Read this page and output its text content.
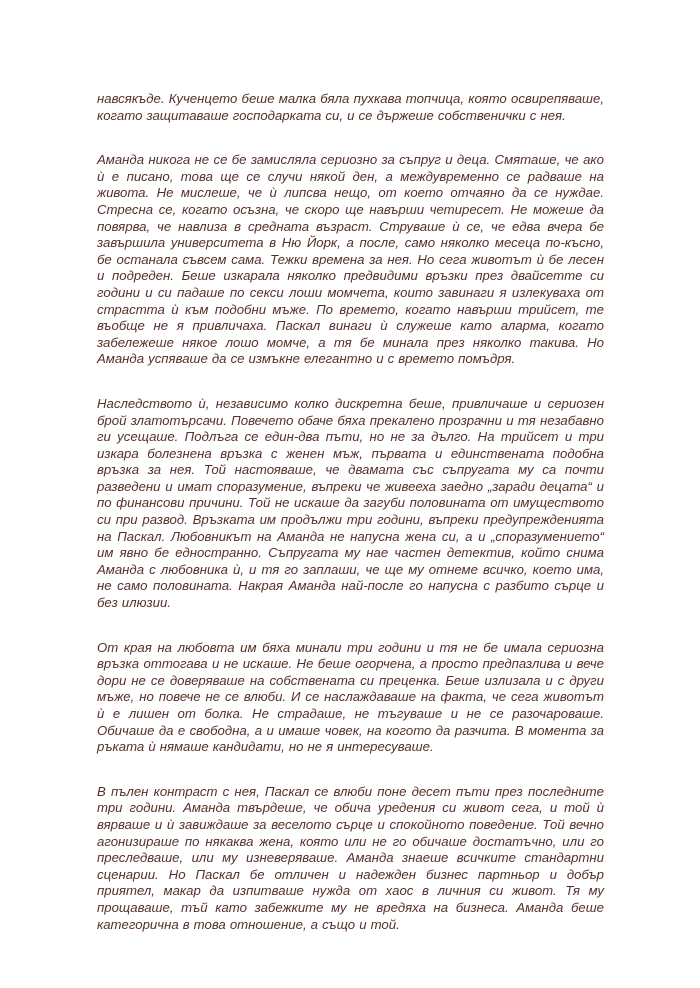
навсякъде. Кученцето беше малка бяла пухкава топчица, която освирепяваше, когато защитаваше господарката си, и се държеше собственички с нея.

Аманда никога не се бе замисляла сериозно за съпруг и деца. Смяташе, че ако ѝ е писано, това ще се случи някой ден, а междувременно се радваше на живота. Не мислеше, че ѝ липсва нещо, от което отчаяно да се нуждае. Стресна се, когато осъзна, че скоро ще навърши четиресет. Не можеше да повярва, че навлиза в средната възраст. Струваше ѝ се, че едва вчера бе завършила университета в Ню Йорк, а после, само няколко месеца по-късно, бе останала съвсем сама. Тежки времена за нея. Но сега животът ѝ бе лесен и подреден. Беше изкарала няколко предвидими връзки през двайсетте си години и си падаше по секси лоши момчета, които завинаги я излекуваха от страстта ѝ към подобни мъже. По времето, когато навърши трийсет, те въобще не я привличаха. Паскал винаги ѝ служеше като аларма, когато забележеше някое лошо момче, а тя бе минала през няколко такива. Но Аманда успяваше да се измъкне елегантно и с времето помъдря.

Наследството ѝ, независимо колко дискретна беше, привличаше и сериозен брой златотърсачи. Повечето обаче бяха прекалено прозрачни и тя незабавно ги усещаше. Подлъга се един-два пъти, но не за дълго. На трийсет и три изкара болезнена връзка с женен мъж, първата и единствената подобна връзка за нея. Той настояваше, че двамата със съпругата му са почти разведени и имат споразумение, въпреки че живееха заедно „заради децата“ и по финансови причини. Той не искаше да загуби половината от имуществото си при развод. Връзката им продължи три години, въпреки предупрежденията на Паскал. Любовникът на Аманда не напусна жена си, а и „споразумението“ им явно бе едностранно. Съпругата му нае частен детектив, който снима Аманда с любовника ѝ, и тя го заплаши, че ще му отнеме всичко, което има, не само половината. Накрая Аманда най-после го напусна с разбито сърце и без илюзии.

От края на любовта им бяха минали три години и тя не бе имала сериозна връзка оттогава и не искаше. Не беше огорчена, а просто предпазлива и вече дори не се доверяваше на собствената си преценка. Беше излизала и с други мъже, но повече не се влюби. И се наслаждаваше на факта, че сега животът ѝ е лишен от болка. Не страдаше, не тъгуваше и не се разочароваше. Обичаше да е свободна, а и имаше човек, на когото да разчита. В момента за ръката ѝ нямаше кандидати, но не я интересуваше.

В пълен контраст с нея, Паскал се влюби поне десет пъти през последните три години. Аманда твърдеше, че обича уредения си живот сега, и той ѝ вярваше и ѝ завиждаше за веселото сърце и спокойното поведение. Той вечно агонизираше по някаква жена, която или не го обичаше достатъчно, или го преследваше, или му изневеряваше. Аманда знаеше всичките стандартни сценарии. Но Паскал бе отличен и надежден бизнес партньор и добър приятел, макар да изпитваше нужда от хаос в личния си живот. Тя му прощаваше, тъй като забежките му не вредяха на бизнеса. Аманда беше категорична в това отношение, а също и той.
